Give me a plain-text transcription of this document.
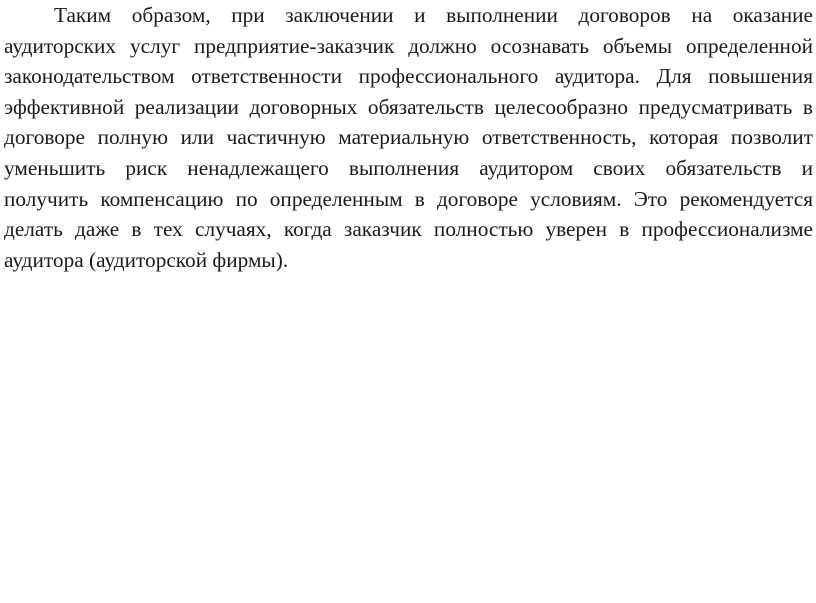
Таким образом, при заключении и выполнении договоров на оказание
аудиторских услуг предприятие-заказчик должно осознавать объемы определенной
законодательством ответственности профессионального аудитора. Для повышения
эффективной реализации договорных обязательств целесообразно предусматривать в
договоре полную или частичную материальную ответственность, которая позволит
уменьшить риск ненадлежащего выполнения аудитором своих обязательств и
получить компенсацию по определенным в договоре условиям. Это рекомендуется
делать даже в тех случаях, когда заказчик полностью уверен в профессионализме
аудитора (аудиторской фирмы).
